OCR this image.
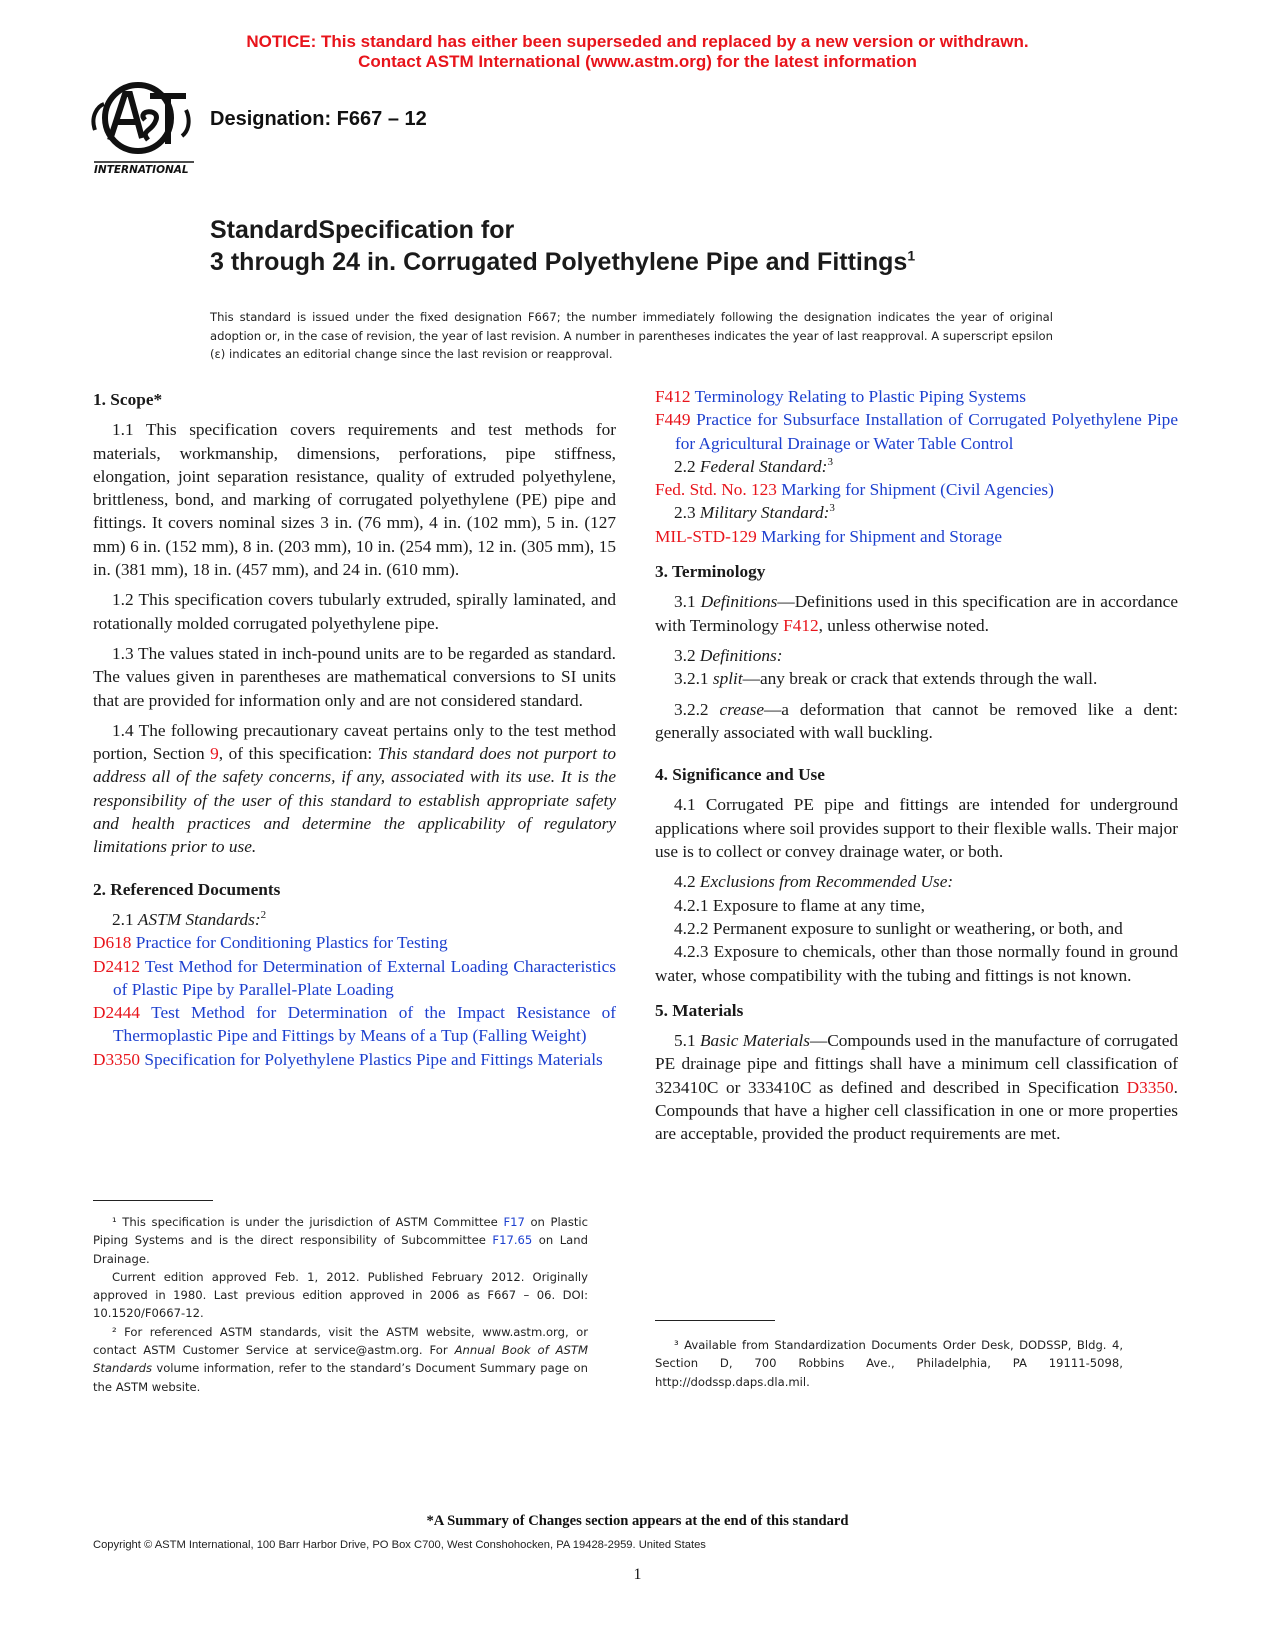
NOTICE: This standard has either been superseded and replaced by a new version or withdrawn.
Contact ASTM International (www.astm.org) for the latest information
INTERNATIONAL
Designation: F667 – 12
StandardSpecification for
3 through 24 in. Corrugated Polyethylene Pipe and Fittings$^1$
This standard is issued under the fixed designation F667; the number immediately following the designation indicates the year of original adoption or, in the case of revision, the year of last revision. A number in parentheses indicates the year of last reapproval. A superscript epsilon (ε) indicates an editorial change since the last revision or reapproval.
1. Scope*
1.1 This specification covers requirements and test methods for materials, workmanship, dimensions, perforations, pipe stiffness, elongation, joint separation resistance, quality of extruded polyethylene, brittleness, bond, and marking of corrugated polyethylene (PE) pipe and fittings. It covers nominal sizes 3 in. (76 mm), 4 in. (102 mm), 5 in. (127 mm) 6 in. (152 mm), 8 in. (203 mm), 10 in. (254 mm), 12 in. (305 mm), 15 in. (381 mm), 18 in. (457 mm), and 24 in. (610 mm).
1.2 This specification covers tubularly extruded, spirally laminated, and rotationally molded corrugated polyethylene pipe.
1.3 The values stated in inch-pound units are to be regarded as standard. The values given in parentheses are mathematical conversions to SI units that are provided for information only and are not considered standard.
1.4 The following precautionary caveat pertains only to the test method portion, Section 9, of this specification: This standard does not purport to address all of the safety concerns, if any, associated with its use. It is the responsibility of the user of this standard to establish appropriate safety and health practices and determine the applicability of regulatory limitations prior to use.
2. Referenced Documents
2.1 ASTM Standards:$^2$
D618 Practice for Conditioning Plastics for Testing
D2412 Test Method for Determination of External Loading Characteristics of Plastic Pipe by Parallel-Plate Loading
D2444 Test Method for Determination of the Impact Resistance of Thermoplastic Pipe and Fittings by Means of a Tup (Falling Weight)
D3350 Specification for Polyethylene Plastics Pipe and Fittings Materials

¹ This specification is under the jurisdiction of ASTM Committee F17 on Plastic Piping Systems and is the direct responsibility of Subcommittee F17.65 on Land Drainage.

Current edition approved Feb. 1, 2012. Published February 2012. Originally approved in 1980. Last previous edition approved in 2006 as F667 – 06. DOI: 10.1520/F0667-12.

² For referenced ASTM standards, visit the ASTM website, www.astm.org, or contact ASTM Customer Service at service@astm.org. For Annual Book of ASTM Standards volume information, refer to the standard’s Document Summary page on the ASTM website.

F412 Terminology Relating to Plastic Piping Systems
F449 Practice for Subsurface Installation of Corrugated Polyethylene Pipe for Agricultural Drainage or Water Table Control
2.2 Federal Standard:$^3$
Fed. Std. No. 123 Marking for Shipment (Civil Agencies)
2.3 Military Standard:$^3$
MIL-STD-129 Marking for Shipment and Storage
3. Terminology
3.1 Definitions—Definitions used in this specification are in accordance with Terminology F412, unless otherwise noted.
3.2 Definitions:
3.2.1 split—any break or crack that extends through the wall.
3.2.2 crease—a deformation that cannot be removed like a dent: generally associated with wall buckling.
4. Significance and Use
4.1 Corrugated PE pipe and fittings are intended for underground applications where soil provides support to their flexible walls. Their major use is to collect or convey drainage water, or both.
4.2 Exclusions from Recommended Use:
4.2.1 Exposure to flame at any time,
4.2.2 Permanent exposure to sunlight or weathering, or both, and
4.2.3 Exposure to chemicals, other than those normally found in ground water, whose compatibility with the tubing and fittings is not known.
5. Materials
5.1 Basic Materials—Compounds used in the manufacture of corrugated PE drainage pipe and fittings shall have a minimum cell classification of 323410C or 333410C as defined and described in Specification D3350. Compounds that have a higher cell classification in one or more properties are acceptable, provided the product requirements are met.

³ Available from Standardization Documents Order Desk, DODSSP, Bldg. 4, Section D, 700 Robbins Ave., Philadelphia, PA 19111-5098, http://dodssp.daps.dla.mil.

*A Summary of Changes section appears at the end of this standard
Copyright © ASTM International, 100 Barr Harbor Drive, PO Box C700, West Conshohocken, PA 19428-2959. United States
1
